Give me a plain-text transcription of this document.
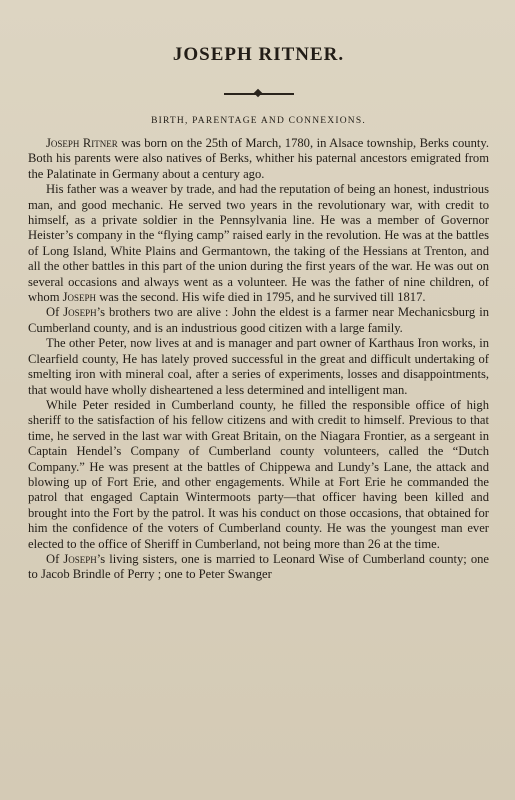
JOSEPH RITNER.
BIRTH, PARENTAGE AND CONNEXIONS.

Joseph Ritner was born on the 25th of March, 1780, in Alsace township, Berks county. Both his parents were also natives of Berks, whither his paternal ancestors emigrated from the Palatinate in Germany about a century ago.

His father was a weaver by trade, and had the reputation of being an honest, industrious man, and good mechanic. He served two years in the revolutionary war, with credit to himself, as a private soldier in the Pennsylvania line. He was a member of Governor Heister’s company in the “flying camp” raised early in the revolution. He was at the battles of Long Island, White Plains and Germantown, the taking of the Hessians at Trenton, and all the other battles in this part of the union during the first years of the war. He was out on several occasions and always went as a volunteer. He was the father of nine children, of whom Joseph was the second. His wife died in 1795, and he survived till 1817.

Of Joseph’s brothers two are alive : John the eldest is a farmer near Mechanicsburg in Cumberland county, and is an industrious good citizen with a large family.

The other Peter, now lives at and is manager and part owner of Karthaus Iron works, in Clearfield county, He has lately proved successful in the great and difficult undertaking of smelting iron with mineral coal, after a series of experiments, losses and disappointments, that would have wholly disheartened a less determined and intelligent man.

While Peter resided in Cumberland county, he filled the responsible office of high sheriff to the satisfaction of his fellow citizens and with credit to himself. Previous to that time, he served in the last war with Great Britain, on the Niagara Frontier, as a sergeant in Captain Hendel’s Company of Cumberland county volunteers, called the “Dutch Company.” He was present at the battles of Chippewa and Lundy’s Lane, the attack and blowing up of Fort Erie, and other engagements. While at Fort Erie he commanded the patrol that engaged Captain Wintermoots party—that officer having been killed and brought into the Fort by the patrol. It was his conduct on those occasions, that obtained for him the confidence of the voters of Cumberland county. He was the youngest man ever elected to the office of Sheriff in Cumberland, not being more than 26 at the time.

Of Joseph’s living sisters, one is married to Leonard Wise of Cumberland county; one to Jacob Brindle of Perry ; one to Peter Swanger
